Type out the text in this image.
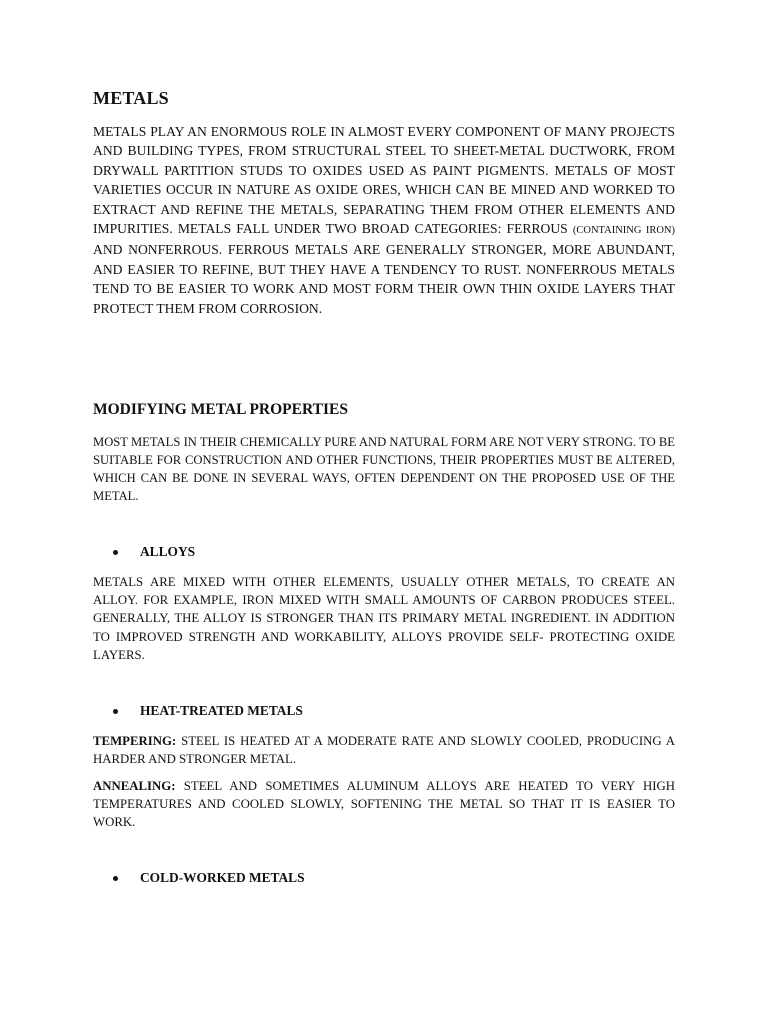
METALS

METALS PLAY AN ENORMOUS ROLE IN ALMOST EVERY COMPONENT OF MANY PROJECTS AND BUILDING TYPES, FROM STRUCTURAL STEEL TO SHEET-METAL DUCTWORK, FROM DRYWALL PARTITION STUDS TO OXIDES USED AS PAINT PIGMENTS. METALS OF MOST VARIETIES OCCUR IN NATURE AS OXIDE ORES, WHICH CAN BE MINED AND WORKED TO EXTRACT AND REFINE THE METALS, SEPARATING THEM FROM OTHER ELEMENTS AND IMPURITIES. METALS FALL UNDER TWO BROAD CATEGORIES: FERROUS (CONTAINING IRON) AND NONFERROUS. FERROUS METALS ARE GENERALLY STRONGER, MORE ABUNDANT, AND EASIER TO REFINE, BUT THEY HAVE A TENDENCY TO RUST. NONFERROUS METALS TEND TO BE EASIER TO WORK AND MOST FORM THEIR OWN THIN OXIDE LAYERS THAT PROTECT THEM FROM CORROSION.

MODIFYING METAL PROPERTIES

MOST METALS IN THEIR CHEMICALLY PURE AND NATURAL FORM ARE NOT VERY STRONG. TO BE SUITABLE FOR CONSTRUCTION AND OTHER FUNCTIONS, THEIR PROPERTIES MUST BE ALTERED, WHICH CAN BE DONE IN SEVERAL WAYS, OFTEN DEPENDENT ON THE PROPOSED USE OF THE METAL.

ALLOYS

METALS ARE MIXED WITH OTHER ELEMENTS, USUALLY OTHER METALS, TO CREATE AN ALLOY. FOR EXAMPLE, IRON MIXED WITH SMALL AMOUNTS OF CARBON PRODUCES STEEL. GENERALLY, THE ALLOY IS STRONGER THAN ITS PRIMARY METAL INGREDIENT. IN ADDITION TO IMPROVED STRENGTH AND WORKABILITY, ALLOYS PROVIDE SELF- PROTECTING OXIDE LAYERS.

HEAT-TREATED METALS

TEMPERING: STEEL IS HEATED AT A MODERATE RATE AND SLOWLY COOLED, PRODUCING A HARDER AND STRONGER METAL.

ANNEALING: STEEL AND SOMETIMES ALUMINUM ALLOYS ARE HEATED TO VERY HIGH TEMPERATURES AND COOLED SLOWLY, SOFTENING THE METAL SO THAT IT IS EASIER TO WORK.

COLD-WORKED METALS
